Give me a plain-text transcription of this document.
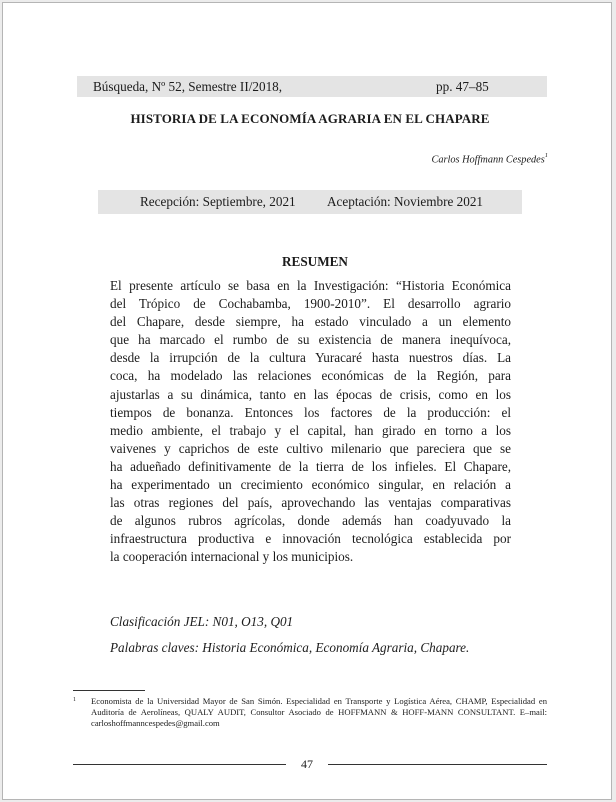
Búsqueda, Nº 52, Semestre II/2018,	pp. 47–85
HISTORIA DE LA ECONOMÍA AGRARIA EN EL CHAPARE
Carlos Hoffmann Cespedes$^1$
Recepción: Septiembre, 2021 Aceptación: Noviembre 2021
RESUMEN
El presente artículo se basa en la Investigación: “Historia Económica
del Trópico de Cochabamba, 1900-2010”. El desarrollo agrario
del Chapare, desde siempre, ha estado vinculado a un elemento
que ha marcado el rumbo de su existencia de manera inequívoca,
desde la irrupción de la cultura Yuracaré hasta nuestros días. La
coca, ha modelado las relaciones económicas de la Región, para
ajustarlas a su dinámica, tanto en las épocas de crisis, como en los
tiempos de bonanza. Entonces los factores de la producción: el
medio ambiente, el trabajo y el capital, han girado en torno a los
vaivenes y caprichos de este cultivo milenario que pareciera que se
ha adueñado definitivamente de la tierra de los infieles. El Chapare,
ha experimentado un crecimiento económico singular, en relación a
las otras regiones del país, aprovechando las ventajas comparativas
de algunos rubros agrícolas, donde además han coadyuvado la
infraestructura productiva e innovación tecnológica establecida por
la cooperación internacional y los municipios.
Clasificación JEL: N01, O13, Q01
Palabras claves: Historia Económica, Economía Agraria, Chapare.
1 Economista de la Universidad Mayor de San Simón. Especialidad en Transporte y Logística Aérea, CHAMP, Especialidad en Auditoría de Aerolíneas, QUALY AUDIT, Consultor Asociado de HOFFMANN & HOFF-MANN CONSULTANT. E–mail: carloshoffmanncespedes@gmail.com
47
